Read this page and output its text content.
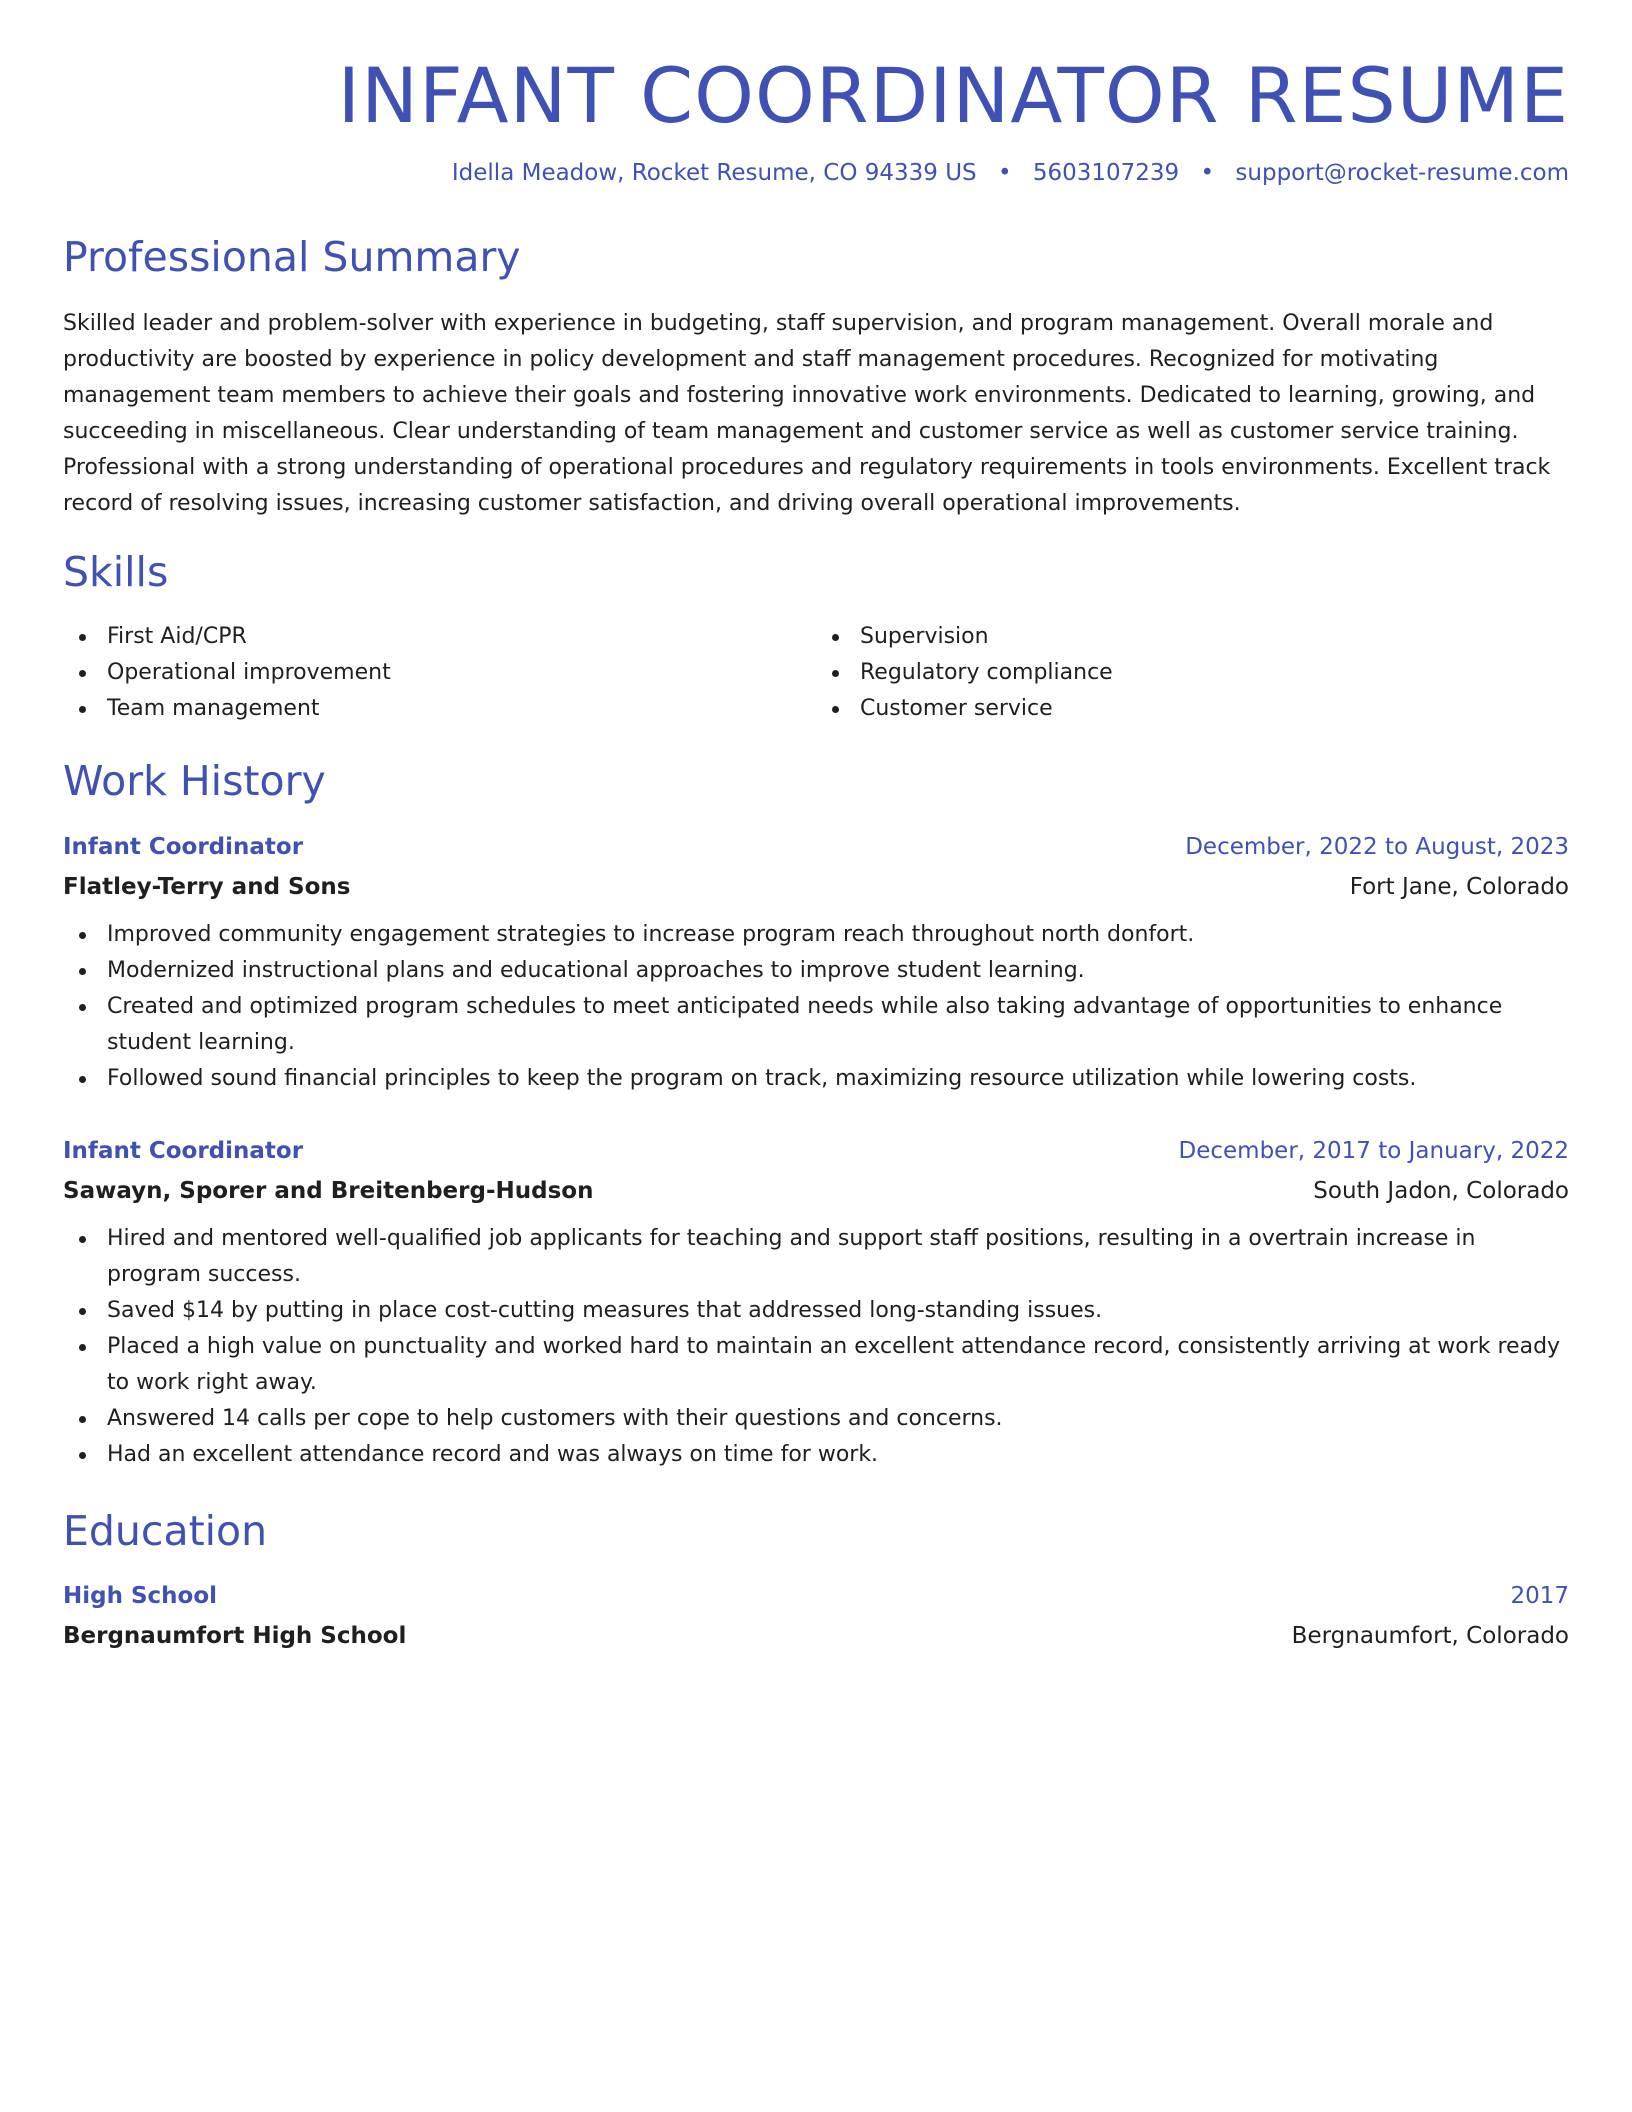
INFANT COORDINATOR RESUME
Idella Meadow, Rocket Resume, CO 94339 US • 5603107239 • support@rocket-resume.com
Professional Summary

Skilled leader and problem-solver with experience in budgeting, staff supervision, and program management. Overall morale and productivity are boosted by experience in policy development and staff management procedures. Recognized for motivating management team members to achieve their goals and fostering innovative work environments. Dedicated to learning, growing, and succeeding in miscellaneous. Clear understanding of team management and customer service as well as customer service training. Professional with a strong understanding of operational procedures and regulatory requirements in tools environments. Excellent track record of resolving issues, increasing customer satisfaction, and driving overall operational improvements.

Skills
First Aid/CPR
Operational improvement
Team management
Supervision
Regulatory compliance
Customer service
Work History
Infant Coordinator	December, 2022 to August, 2023
Flatley-Terry and Sons	Fort Jane, Colorado
Improved community engagement strategies to increase program reach throughout north donfort.
Modernized instructional plans and educational approaches to improve student learning.
Created and optimized program schedules to meet anticipated needs while also taking advantage of opportunities to enhance student learning.
Followed sound financial principles to keep the program on track, maximizing resource utilization while lowering costs.
Infant Coordinator	December, 2017 to January, 2022
Sawayn, Sporer and Breitenberg-Hudson	South Jadon, Colorado
Hired and mentored well-qualified job applicants for teaching and support staff positions, resulting in a overtrain increase in program success.
Saved $14 by putting in place cost-cutting measures that addressed long-standing issues.
Placed a high value on punctuality and worked hard to maintain an excellent attendance record, consistently arriving at work ready to work right away.
Answered 14 calls per cope to help customers with their questions and concerns.
Had an excellent attendance record and was always on time for work.
Education
High School	2017
Bergnaumfort High School	Bergnaumfort, Colorado
